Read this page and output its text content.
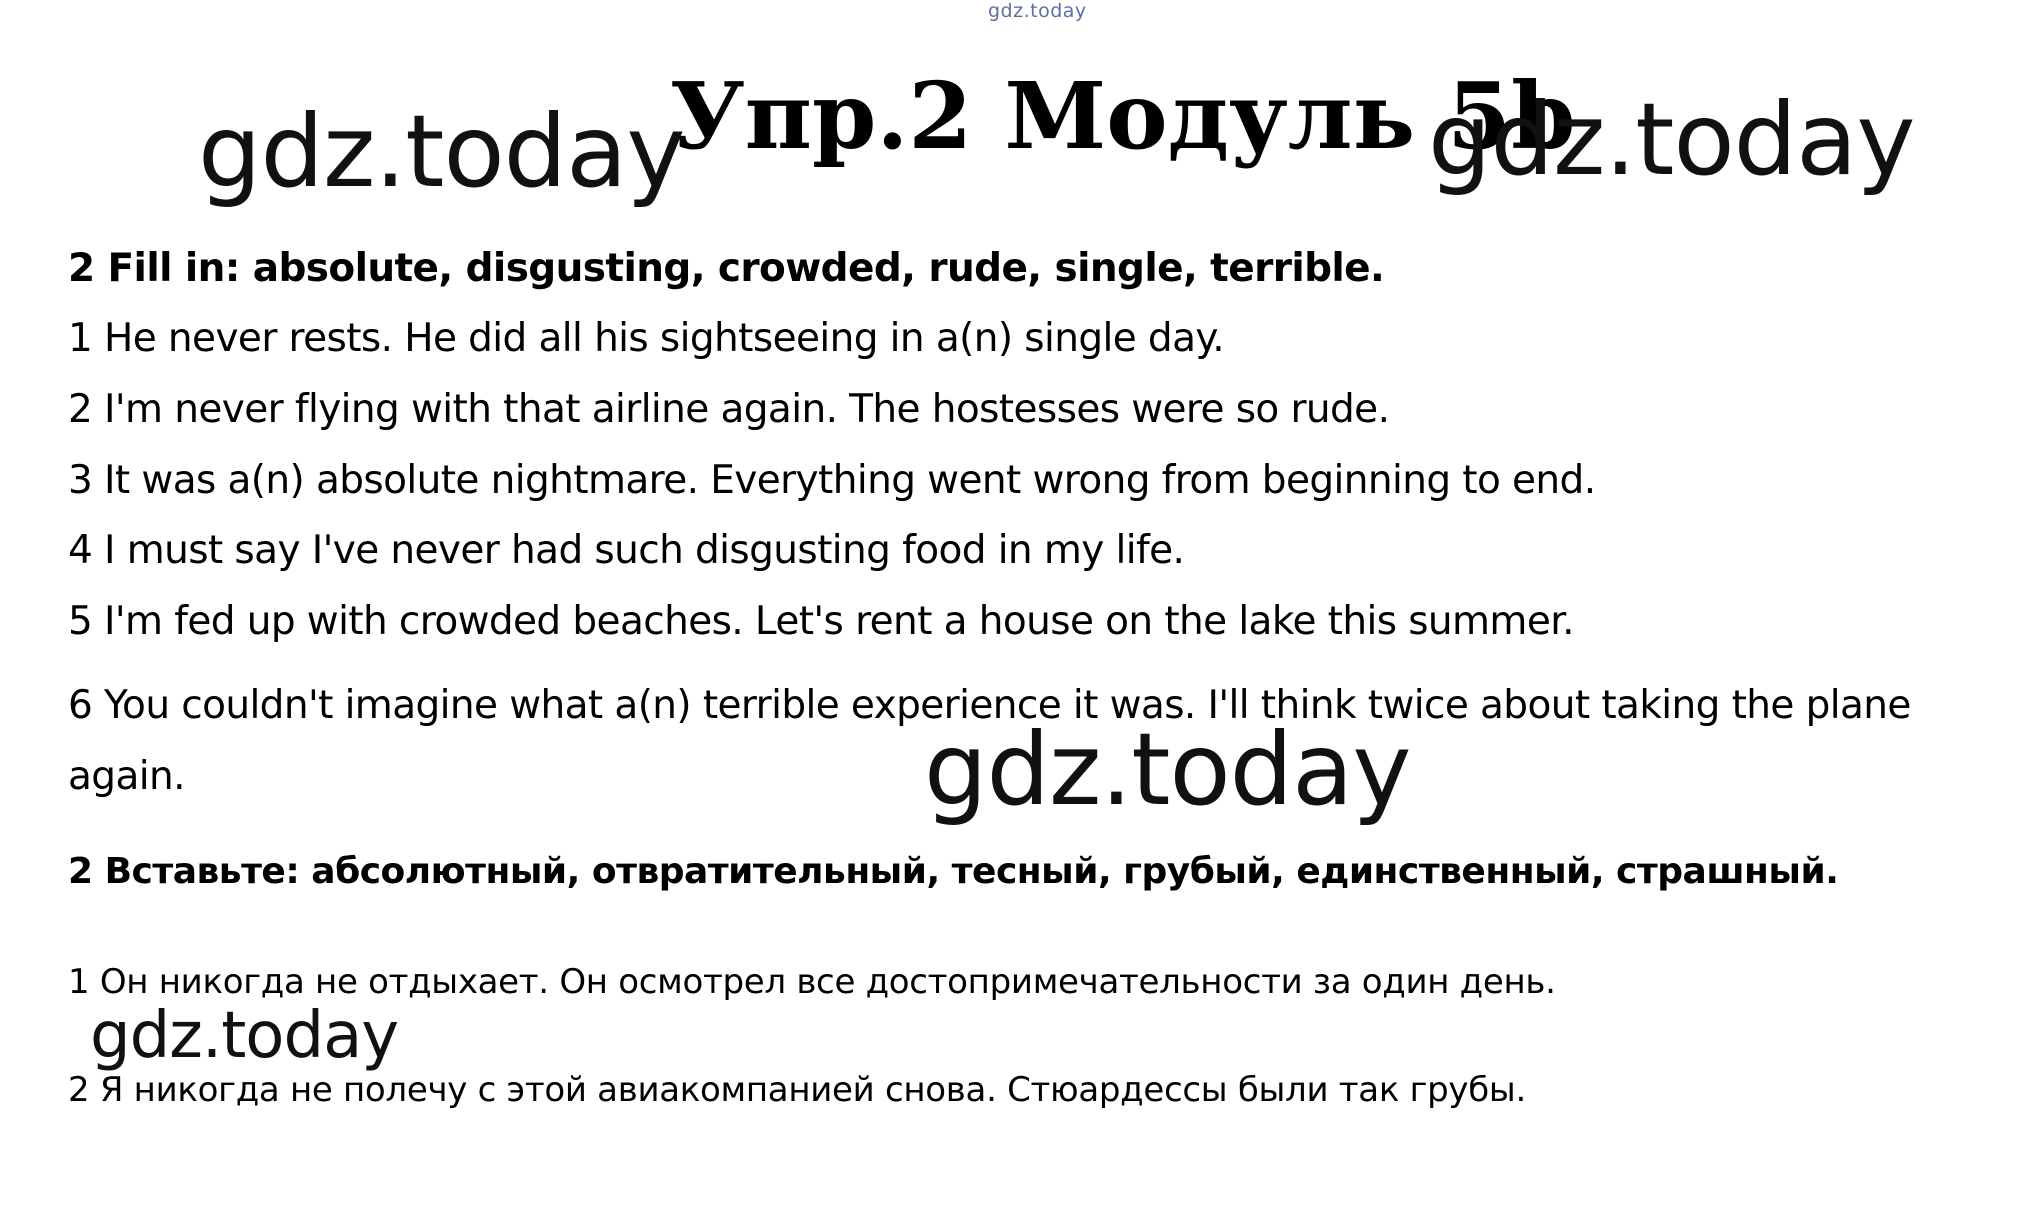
gdz.today
Упр.2 Модуль 5b
gdz.today	gdz.today
2 Fill in: absolute, disgusting, crowded, rude, single, terrible.
1 He never rests. He did all his sightseeing in a(n) single day.
2 I'm never flying with that airline again. The hostesses were so rude.
3 It was a(n) absolute nightmare. Everything went wrong from beginning to end.
4 I must say I've never had such disgusting food in my life.
5 I'm fed up with crowded beaches. Let's rent a house on the lake this summer.
6 You couldn't imagine what a(n) terrible experience it was. I'll think twice about taking the plane again.	gdz.today
2 Вставьте: абсолютный, отвратительный, тесный, грубый, единственный, страшный.
1 Он никогда не отдыхает. Он осмотрел все достопримечательности за один день.
gdz.today
2 Я никогда не полечу с этой авиакомпанией снова. Стюардессы были так грубы.
